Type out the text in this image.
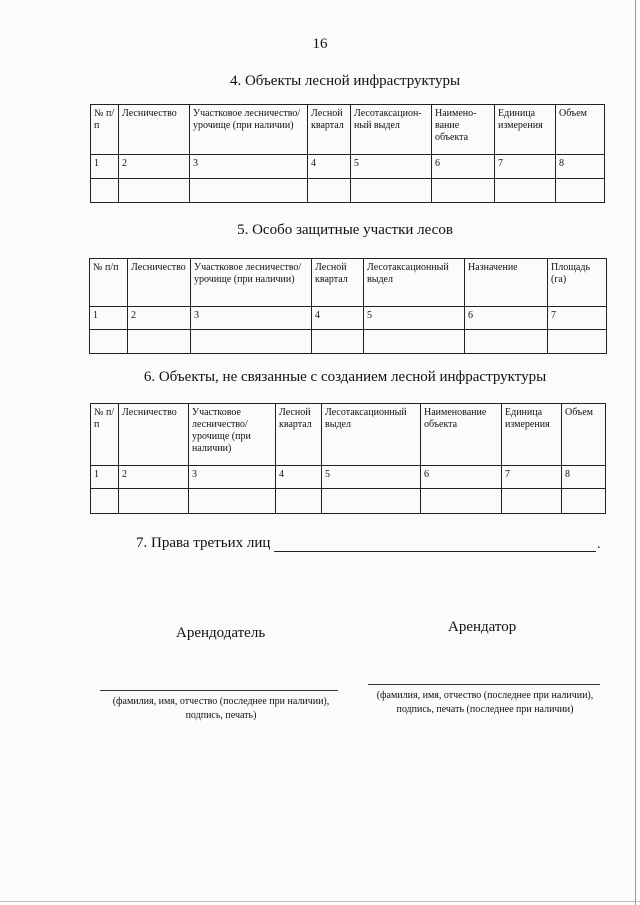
16
4. Объекты лесной инфраструктуры
№ п/п	Лесничество	Участковое лесничество/урочище (при наличии)	Лесной квартал	Лесотаксацион-ный выдел	Наимено-вание объекта	Единица измерения	Объем
1	2	3	4	5	6	7	8

5. Особо защитные участки лесов
№ п/п	Лесничество	Участковое лесничество/урочище (при наличии)	Лесной квартал	Лесотаксационный выдел	Назначение	Площадь (га)
1	2	3	4	5	6	7

6. Объекты, не связанные с созданием лесной инфраструктуры
№ п/п	Лесничество	Участковое лесничество/ урочище (при наличии)	Лесной квартал	Лесотаксационный выдел	Наименование объекта	Единица измерения	Объем
1	2	3	4	5	6	7	8

7. Права третьих лиц	.
Арендодатель	Арендатор
(фамилия, имя, отчество (последнее при наличии),
подпись, печать)
(фамилия, имя, отчество (последнее при наличии),
подпись, печать (последнее при наличии)
